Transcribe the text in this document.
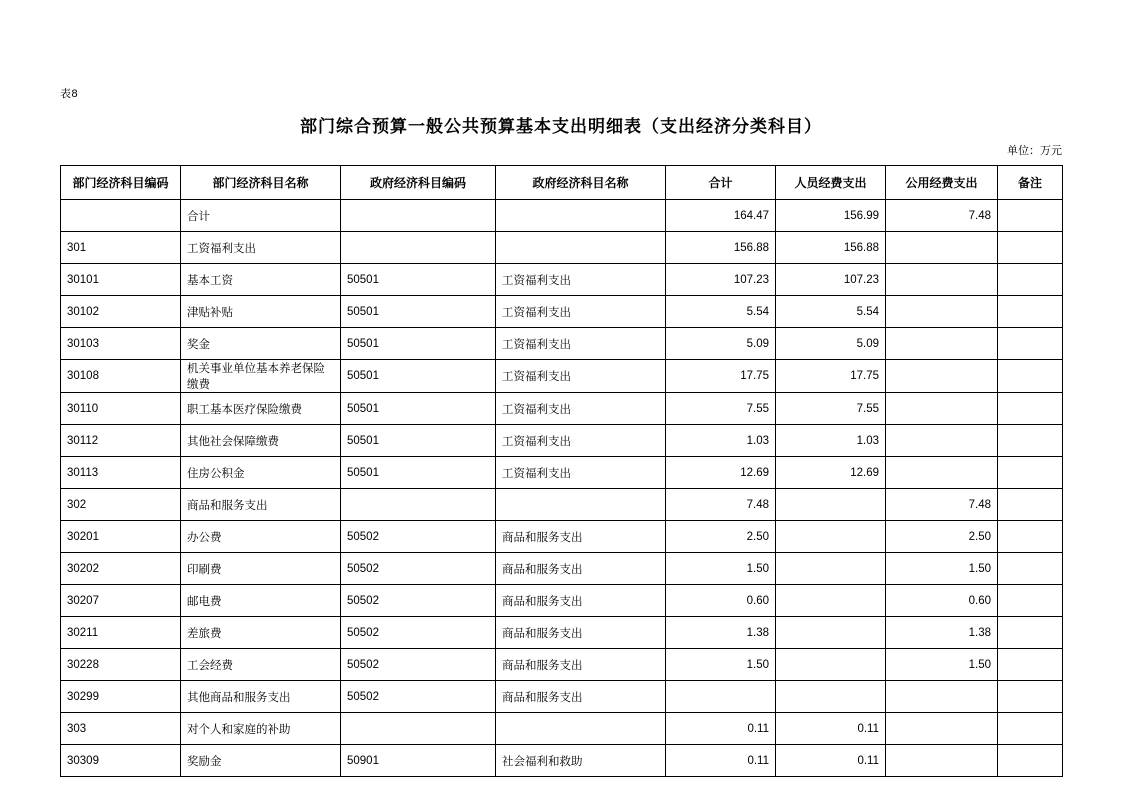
表8
部门综合预算一般公共预算基本支出明细表（支出经济分类科目）
单位：万元
部门经济科目编码	部门经济科目名称	政府经济科目编码	政府经济科目名称	合计	人员经费支出	公用经费支出	备注
	合计			164.47	156.99	7.48	
301	工资福利支出			156.88	156.88		
30101	基本工资	50501	工资福利支出	107.23	107.23		
30102	津贴补贴	50501	工资福利支出	5.54	5.54		
30103	奖金	50501	工资福利支出	5.09	5.09		
30108	机关事业单位基本养老保险缴费	50501	工资福利支出	17.75	17.75		
30110	职工基本医疗保险缴费	50501	工资福利支出	7.55	7.55		
30112	其他社会保障缴费	50501	工资福利支出	1.03	1.03		
30113	住房公积金	50501	工资福利支出	12.69	12.69		
302	商品和服务支出			7.48		7.48	
30201	办公费	50502	商品和服务支出	2.50		2.50	
30202	印刷费	50502	商品和服务支出	1.50		1.50	
30207	邮电费	50502	商品和服务支出	0.60		0.60	
30211	差旅费	50502	商品和服务支出	1.38		1.38	
30228	工会经费	50502	商品和服务支出	1.50		1.50	
30299	其他商品和服务支出	50502	商品和服务支出				
303	对个人和家庭的补助			0.11	0.11		
30309	奖励金	50901	社会福利和救助	0.11	0.11		
